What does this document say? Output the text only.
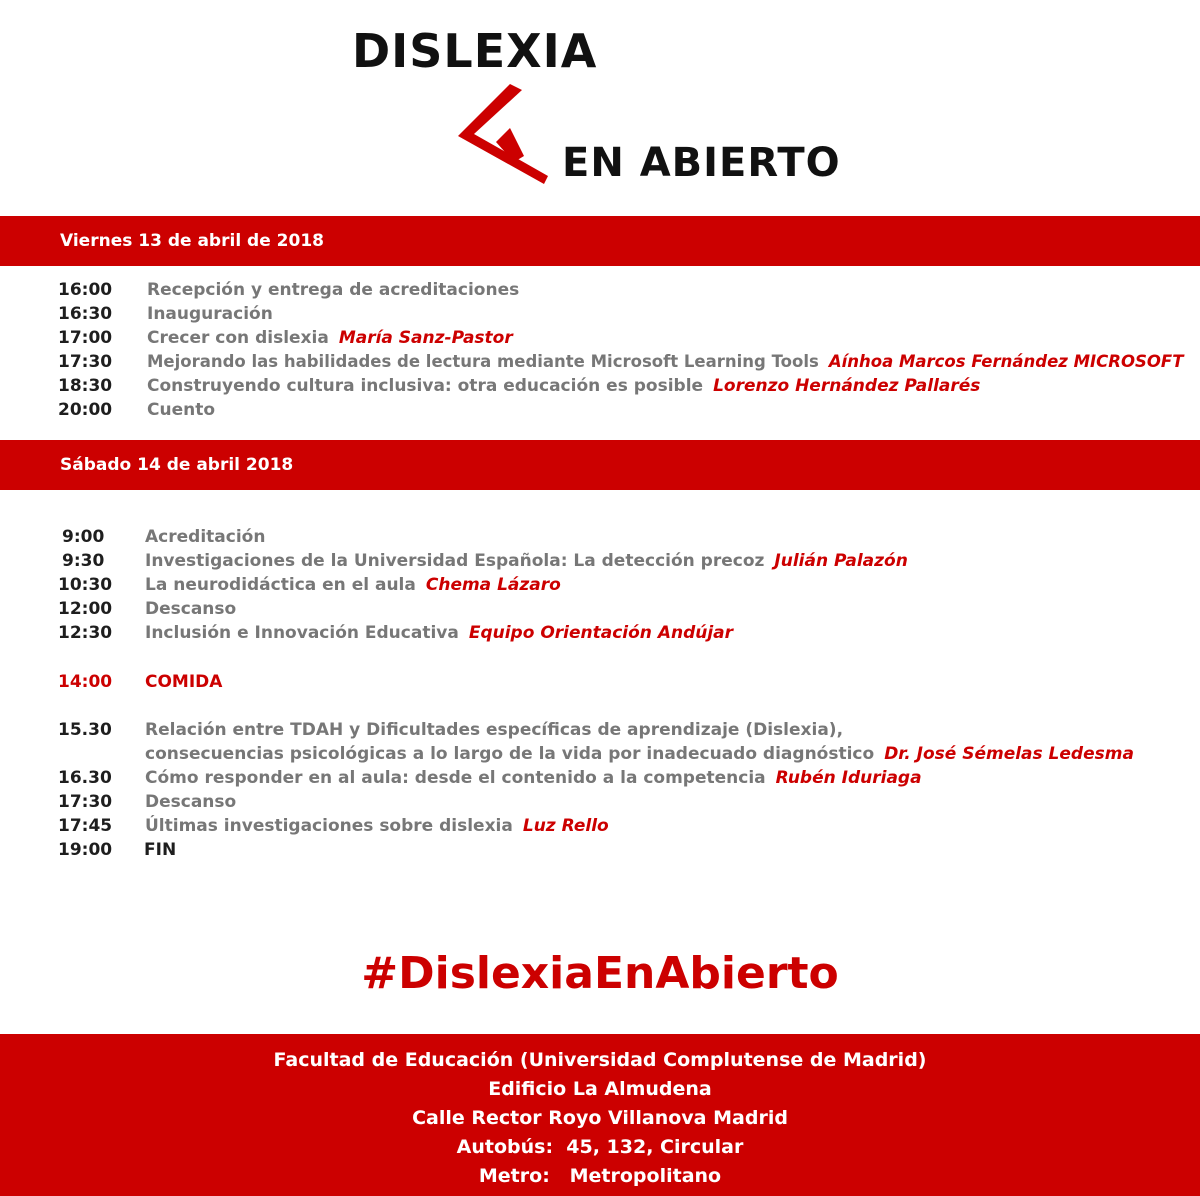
DISLEXIA
EN ABIERTO
Viernes 13 de abril de 2018
16:00 Recepción y entrega de acreditaciones
16:30 Inauguración
17:00 Crecer con dislexia María Sanz-Pastor
17:30 Mejorando las habilidades de lectura mediante Microsoft Learning Tools Aínhoa Marcos Fernández MICROSOFT
18:30 Construyendo cultura inclusiva: otra educación es posible Lorenzo Hernández Pallarés
20:00 Cuento
Sábado 14 de abril 2018
9:00 Acreditación
9:30 Investigaciones de la Universidad Española: La detección precoz Julián Palazón
10:30 La neurodidáctica en el aula Chema Lázaro
12:00 Descanso
12:30 Inclusión e Innovación Educativa Equipo Orientación Andújar
14:00 COMIDA
15.30 Relación entre TDAH y Dificultades específicas de aprendizaje (Dislexia),
consecuencias psicológicas a lo largo de la vida por inadecuado diagnóstico Dr. José Sémelas Ledesma
16.30 Cómo responder en al aula: desde el contenido a la competencia Rubén Iduriaga
17:30 Descanso
17:45 Últimas investigaciones sobre dislexia Luz Rello
19:00 FIN
#DislexiaEnAbierto
Facultad de Educación (Universidad Complutense de Madrid)
Edificio La Almudena
Calle Rector Royo Villanova Madrid
Autobús:  45, 132, Circular
Metro:   Metropolitano
